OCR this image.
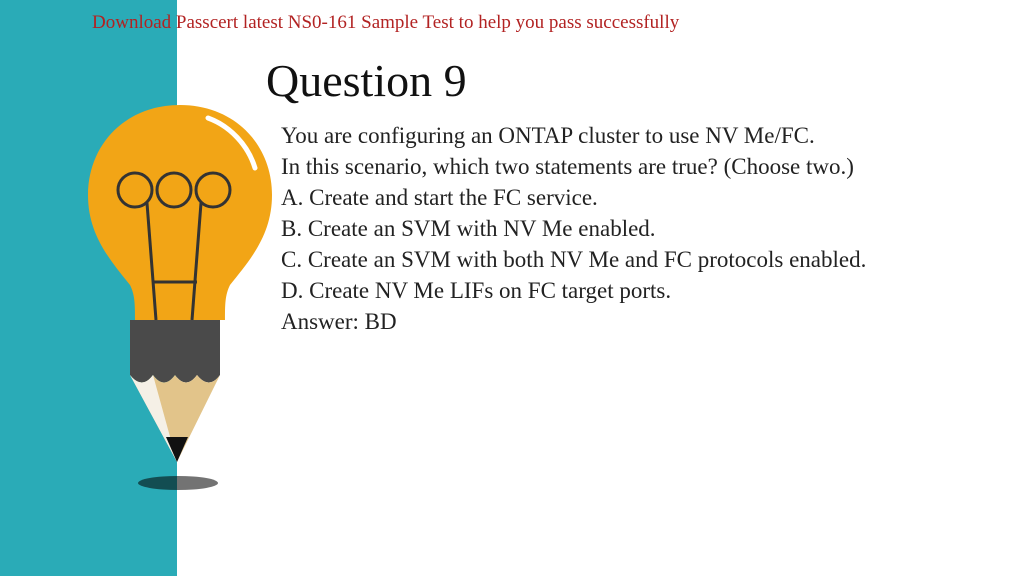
Download Passcert latest NS0-161 Sample Test to help you pass successfully
Question 9
You are configuring an ONTAP cluster to use NV Me/FC.
In this scenario, which two statements are true? (Choose two.)
A. Create and start the FC service.
B. Create an SVM with NV Me enabled.
C. Create an SVM with both NV Me and FC protocols enabled.
D. Create NV Me LIFs on FC target ports.
Answer: BD
